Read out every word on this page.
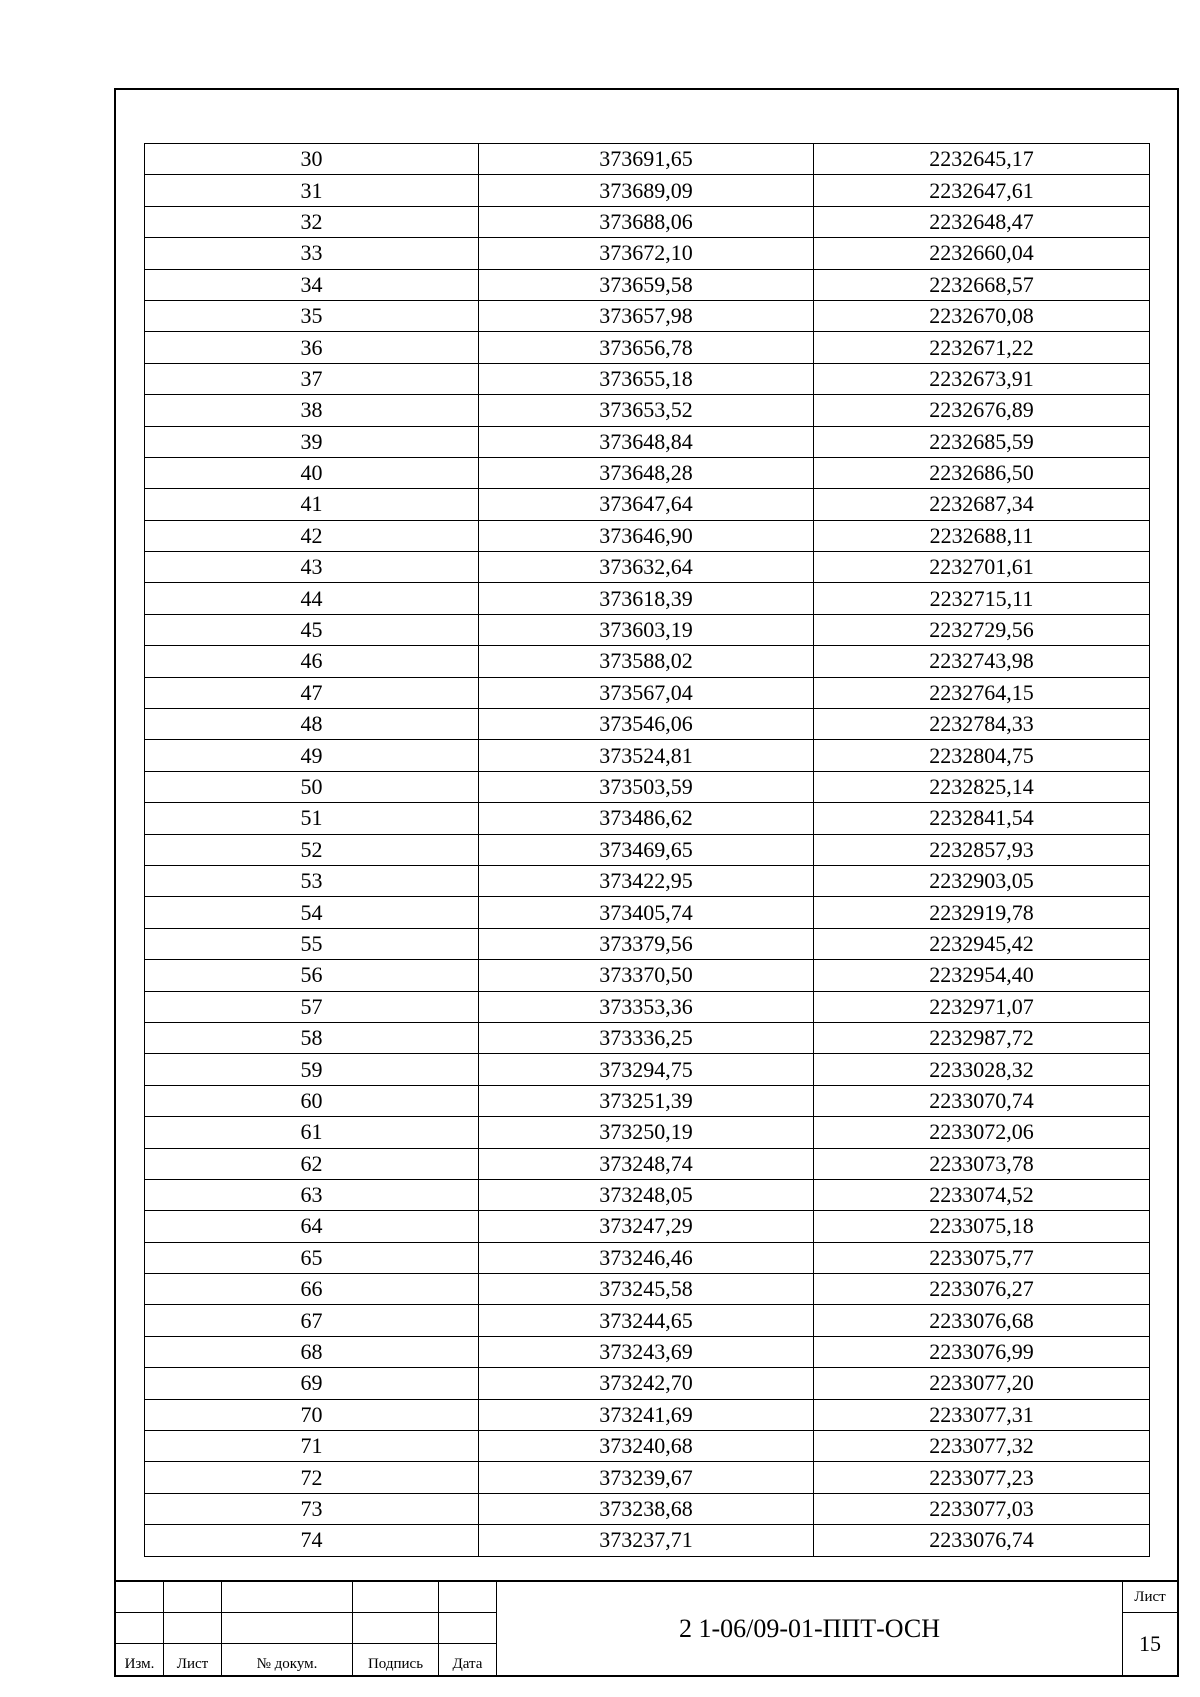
30	373691,65	2232645,17
31	373689,09	2232647,61
32	373688,06	2232648,47
33	373672,10	2232660,04
34	373659,58	2232668,57
35	373657,98	2232670,08
36	373656,78	2232671,22
37	373655,18	2232673,91
38	373653,52	2232676,89
39	373648,84	2232685,59
40	373648,28	2232686,50
41	373647,64	2232687,34
42	373646,90	2232688,11
43	373632,64	2232701,61
44	373618,39	2232715,11
45	373603,19	2232729,56
46	373588,02	2232743,98
47	373567,04	2232764,15
48	373546,06	2232784,33
49	373524,81	2232804,75
50	373503,59	2232825,14
51	373486,62	2232841,54
52	373469,65	2232857,93
53	373422,95	2232903,05
54	373405,74	2232919,78
55	373379,56	2232945,42
56	373370,50	2232954,40
57	373353,36	2232971,07
58	373336,25	2232987,72
59	373294,75	2233028,32
60	373251,39	2233070,74
61	373250,19	2233072,06
62	373248,74	2233073,78
63	373248,05	2233074,52
64	373247,29	2233075,18
65	373246,46	2233075,77
66	373245,58	2233076,27
67	373244,65	2233076,68
68	373243,69	2233076,99
69	373242,70	2233077,20
70	373241,69	2233077,31
71	373240,68	2233077,32
72	373239,67	2233077,23
73	373238,68	2233077,03
74	373237,71	2233076,74
Изм.	Лист	№ докум.	Подпись	Дата
2 1-06/09-01-ППТ-ОСН
Лист
15
